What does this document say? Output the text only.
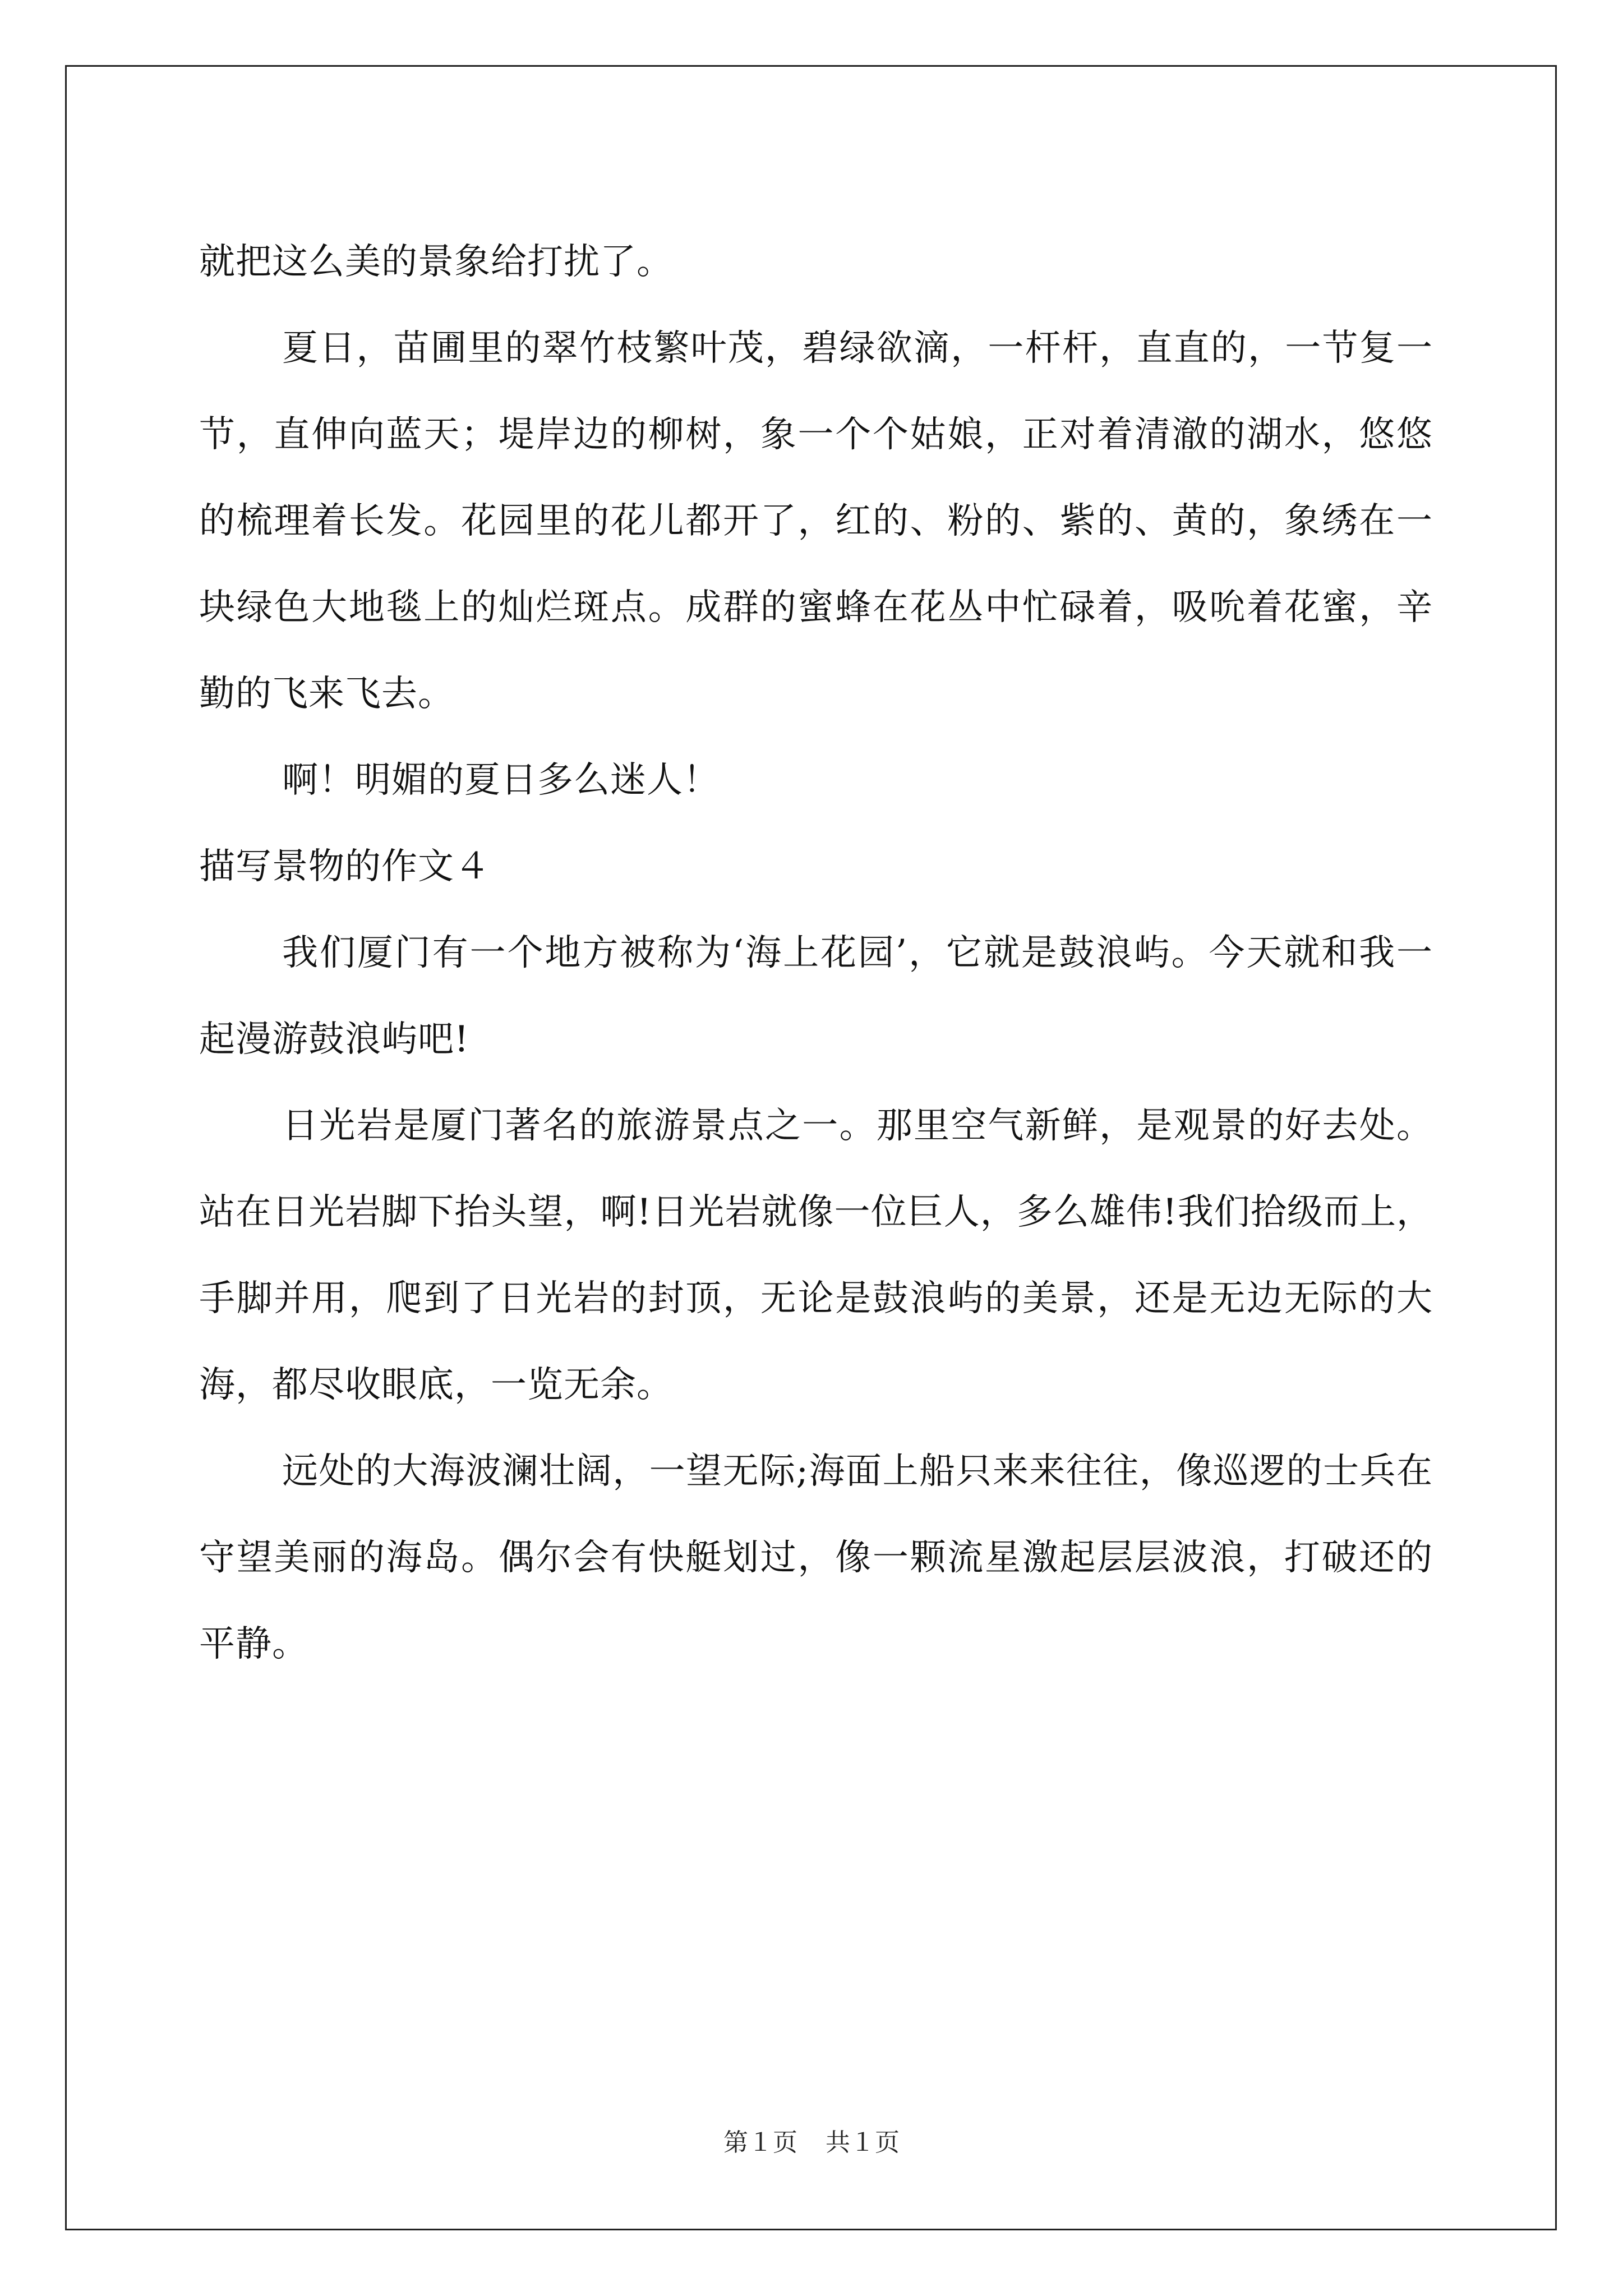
就把这么美的景象给打扰了。

夏日，苗圃里的翠竹枝繁叶茂，碧绿欲滴，一杆杆，直直的，一节复一节，直伸向蓝天；堤岸边的柳树，象一个个姑娘，正对着清澈的湖水，悠悠的梳理着长发。花园里的花儿都开了，红的、粉的、紫的、黄的，象绣在一块绿色大地毯上的灿烂斑点。成群的蜜蜂在花丛中忙碌着，吸吮着花蜜，辛勤的飞来飞去。

啊！明媚的夏日多么迷人！

描写景物的作文４

我们厦门有一个地方被称为‘海上花园’，它就是鼓浪屿。今天就和我一起漫游鼓浪屿吧!

日光岩是厦门著名的旅游景点之一。那里空气新鲜，是观景的好去处。站在日光岩脚下抬头望，啊!日光岩就像一位巨人，多么雄伟!我们拾级而上，手脚并用，爬到了日光岩的封顶，无论是鼓浪屿的美景，还是无边无际的大海，都尽收眼底，一览无余。

远处的大海波澜壮阔，一望无际;海面上船只来来往往，像巡逻的士兵在守望美丽的海岛。偶尔会有快艇划过，像一颗流星激起层层波浪，打破还的平静。

第１页 共１页
